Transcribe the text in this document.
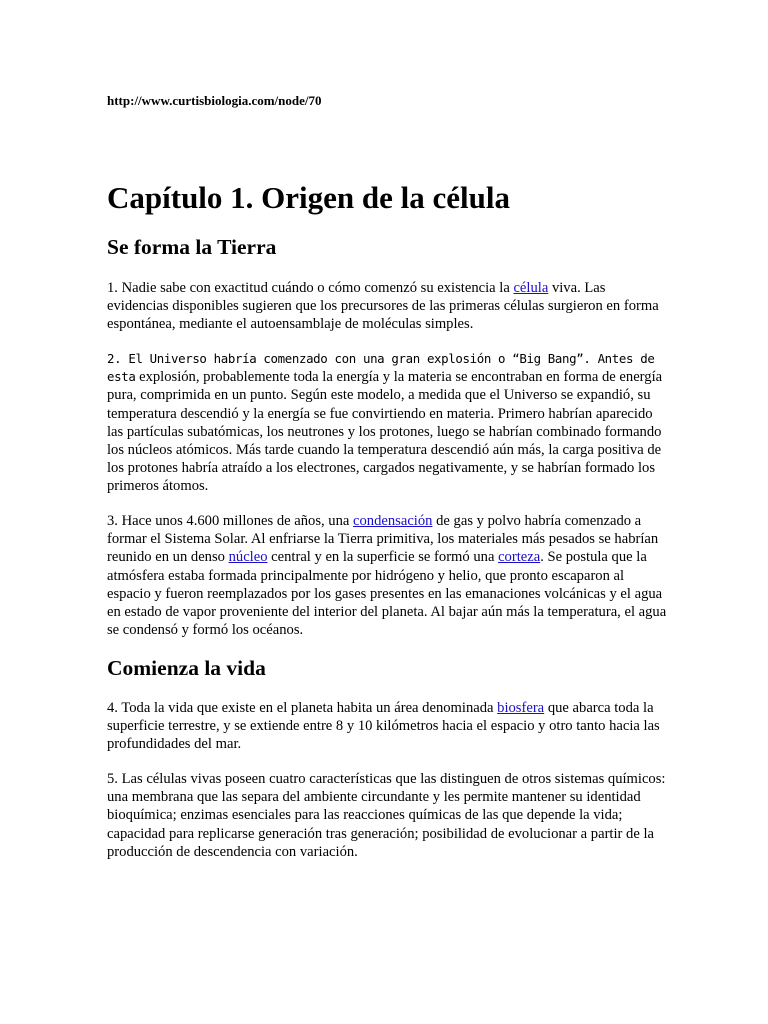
http://www.curtisbiologia.com/node/70
Capítulo 1. Origen de la célula
Se forma la Tierra

1. Nadie sabe con exactitud cuándo o cómo comenzó su existencia la célula viva. Las evidencias disponibles sugieren que los precursores de las primeras células surgieron en forma espontánea, mediante el autoensamblaje de moléculas simples.

2. El Universo habría comenzado con una gran explosión o “Big Bang”. Antes de esta explosión, probablemente toda la energía y la materia se encontraban en forma de energía pura, comprimida en un punto. Según este modelo, a medida que el Universo se expandió, su temperatura descendió y la energía se fue convirtiendo en materia. Primero habrían aparecido las partículas subatómicas, los neutrones y los protones, luego se habrían combinado formando los núcleos atómicos. Más tarde cuando la temperatura descendió aún más, la carga positiva de los protones habría atraído a los electrones, cargados negativamente, y se habrían formado los primeros átomos.

3. Hace unos 4.600 millones de años, una condensación de gas y polvo habría comenzado a formar el Sistema Solar. Al enfriarse la Tierra primitiva, los materiales más pesados se habrían reunido en un denso núcleo central y en la superficie se formó una corteza. Se postula que la atmósfera estaba formada principalmente por hidrógeno y helio, que pronto escaparon al espacio y fueron reemplazados por los gases presentes en las emanaciones volcánicas y el agua en estado de vapor proveniente del interior del planeta. Al bajar aún más la temperatura, el agua se condensó y formó los océanos.

Comienza la vida

4. Toda la vida que existe en el planeta habita un área denominada biosfera que abarca toda la superficie terrestre, y se extiende entre 8 y 10 kilómetros hacia el espacio y otro tanto hacia las profundidades del mar.

5. Las células vivas poseen cuatro características que las distinguen de otros sistemas químicos: una membrana que las separa del ambiente circundante y les permite mantener su identidad bioquímica; enzimas esenciales para las reacciones químicas de las que depende la vida; capacidad para replicarse generación tras generación; posibilidad de evolucionar a partir de la producción de descendencia con variación.
